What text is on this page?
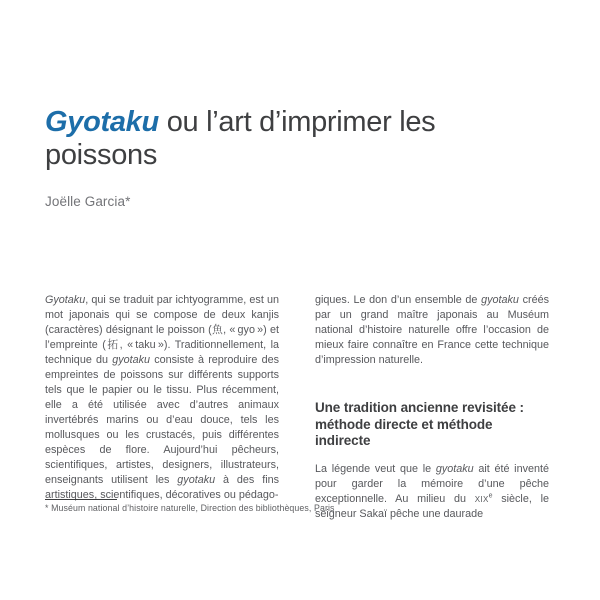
Gyotaku ou l’art d’imprimer les poissons
Joëlle Garcia*

Gyotaku, qui se traduit par ichtyogramme, est un mot japonais qui se compose de deux kanjis (caractères) désignant le poisson (魚, « gyo ») et l’empreinte (拓, « taku »). Traditionnellement, la technique du gyotaku consiste à reproduire des empreintes de poissons sur différents supports tels que le papier ou le tissu. Plus récemment, elle a été utilisée avec d’autres animaux invertébrés marins ou d’eau douce, tels les mollusques ou les crustacés, puis différentes espèces de flore. Aujourd’hui pêcheurs, scientifiques, artistes, designers, illustrateurs, enseignants utilisent les gyotaku à des fins artistiques, scientifiques, décoratives ou pédago-

giques. Le don d’un ensemble de gyotaku créés par un grand maître japonais au Muséum national d’histoire naturelle offre l’occasion de mieux faire connaître en France cette technique d’impression naturelle.

Une tradition ancienne revisitée :
méthode directe et méthode indirecte

La légende veut que le gyotaku ait été inventé pour garder la mémoire d’une pêche exceptionnelle. Au milieu du xix$^e$ siècle, le seigneur Sakaï pêche une daurade

* Muséum national d’histoire naturelle, Direction des bibliothèques, Paris
